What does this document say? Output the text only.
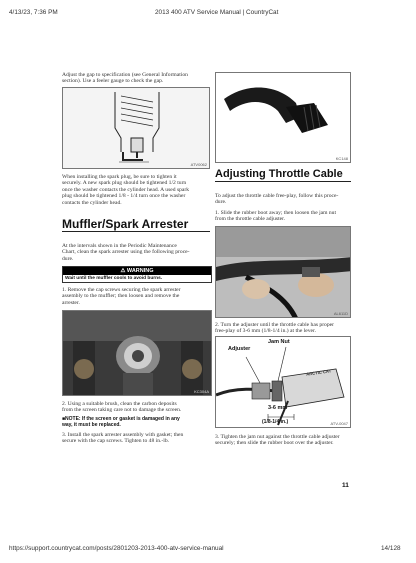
4/13/23, 7:36 PM	2013 400 ATV Service Manual | CountryCat
Adjust the gap to specification (see General Information
section). Use a feeler gauge to check the gap.
ATV0062
When installing the spark plug, be sure to tighten it
securely. A new spark plug should be tightened 1/2 turn
once the washer contacts the cylinder head. A used spark
plug should be tightened 1/8 - 1/4 turn once the washer
contacts the cylinder head.
Muffler/Spark Arrester
At the intervals shown in the Periodic Maintenance
Chart, clean the spark arrester using the following proce-
dure.
⚠ WARNING
Wait until the muffler cools to avoid burns.
1. Remove the cap screws securing the spark arrester
assembly to the muffler; then loosen and remove the
arrester.
KC304A
2. Using a suitable brush, clean the carbon deposits
from the screen taking care not to damage the screen.
■NOTE: If the screen or gasket is damaged in any
way, it must be replaced.
3. Install the spark arrester assembly with gasket; then
secure with the cap screws. Tighten to 48 in.-lb.
KC148
Adjusting Throttle Cable
To adjust the throttle cable free-play, follow this proce-
dure.
1. Slide the rubber boot away; then loosen the jam nut
from the throttle cable adjuster.
AL611D
2. Turn the adjuster until the throttle cable has proper
free-play of 3-6 mm (1/8-1/4 in.) at the lever.
Jam Nut
Adjuster
ARCTIC CAT
3-6 mm
(1/8-1/4 in.)	ATV-0047
3. Tighten the jam nut against the throttle cable adjuster
securely; then slide the rubber boot over the adjuster.
11
https://support.countrycat.com/posts/2801203-2013-400-atv-service-manual	14/128
